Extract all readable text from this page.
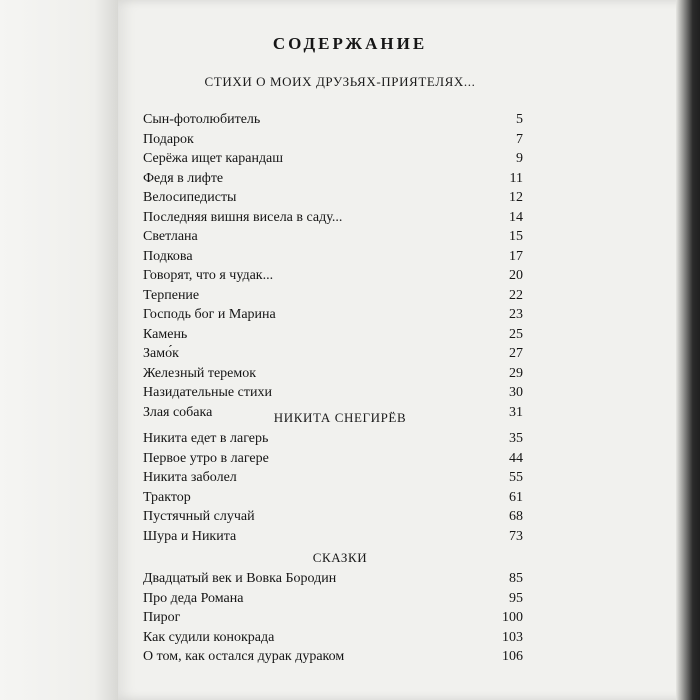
СОДЕРЖАНИЕ
СТИХИ О МОИХ ДРУЗЬЯХ-ПРИЯТЕЛЯХ...
Сын-фотолюбитель	5
Подарок	7
Серёжа ищет карандаш	9
Федя в лифте	11
Велосипедисты	12
Последняя вишня висела в саду...	14
Светлана	15
Подкова	17
Говорят, что я чудак...	20
Терпение	22
Господь бог и Марина	23
Камень	25
Замо́к	27
Железный теремок	29
Назидательные стихи	30
Злая собака	31
НИКИТА СНЕГИРЁВ
Никита едет в лагерь	35
Первое утро в лагере	44
Никита заболел	55
Трактор	61
Пустячный случай	68
Шура и Никита	73
СКАЗКИ
Двадцатый век и Вовка Бородин	85
Про деда Романа	95
Пирог	100
Как судили конокрада	103
О том, как остался дурак дураком	106
